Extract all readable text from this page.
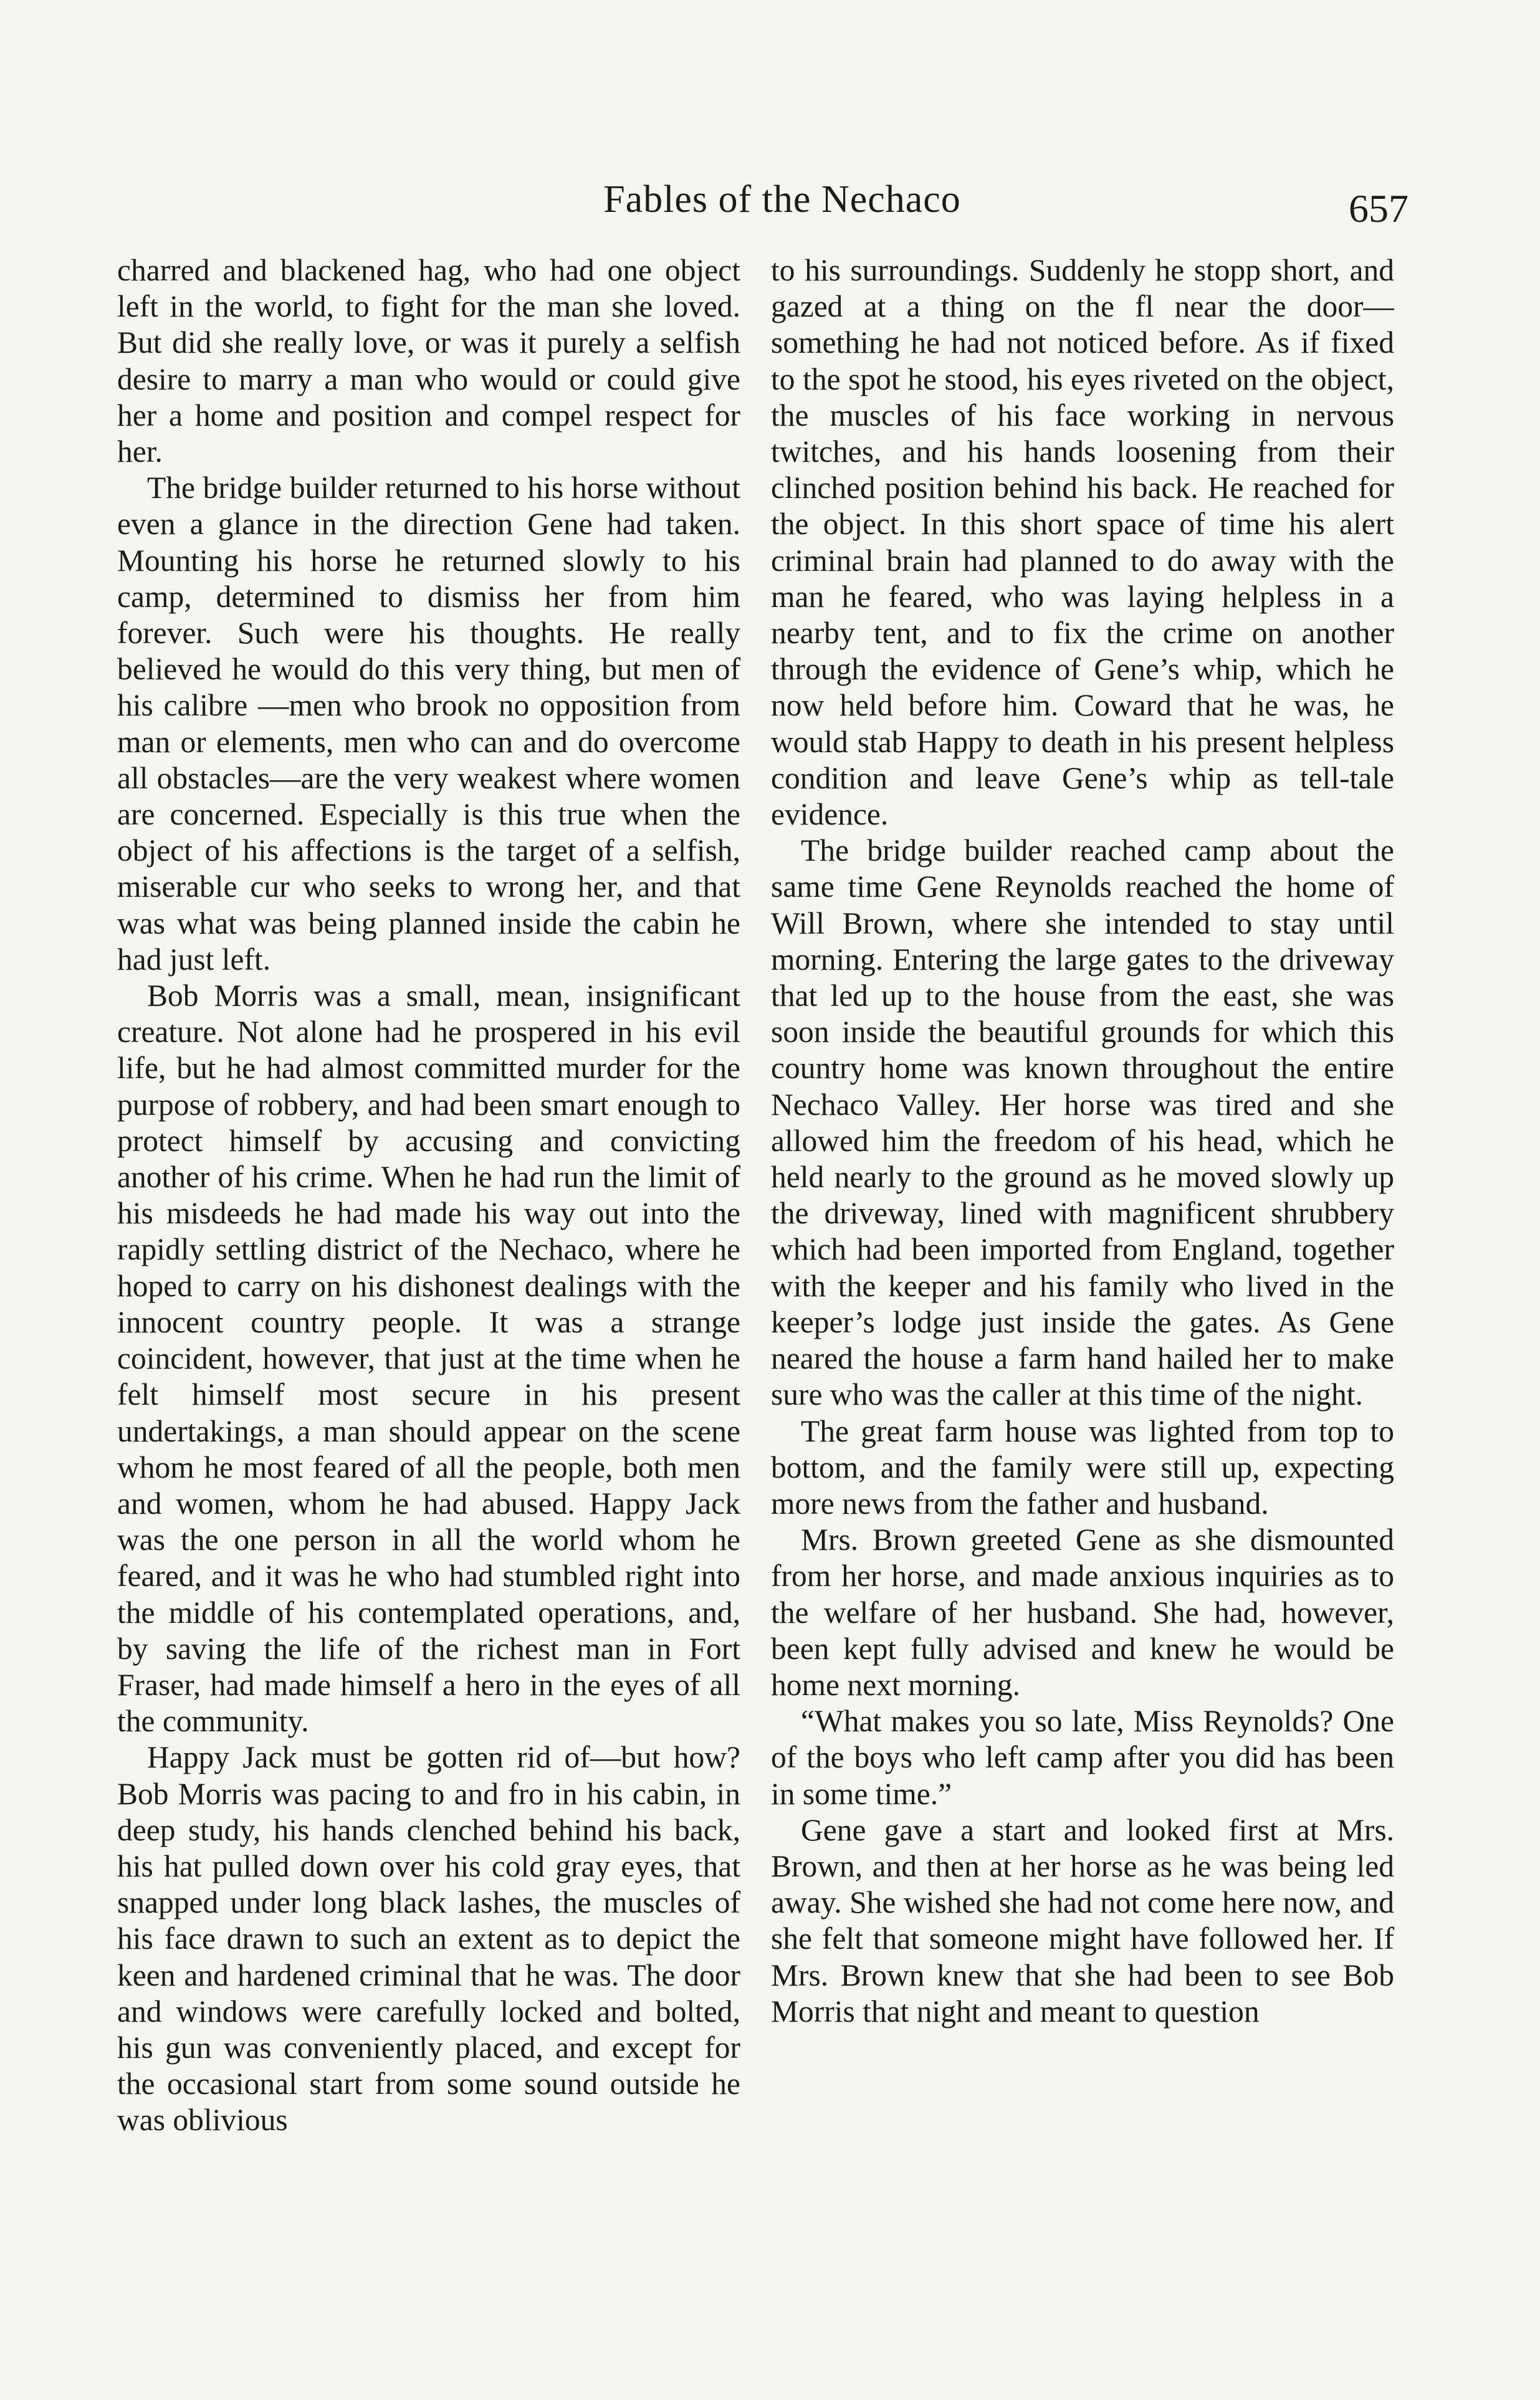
Fables of the Nechaco	657

charred and blackened hag, who had one object left in the world, to fight for the man she loved. But did she really love, or was it purely a selfish desire to marry a man who would or could give her a home and position and compel respect for her.

The bridge builder returned to his horse without even a glance in the direction Gene had taken. Mounting his horse he returned slowly to his camp, determined to dismiss her from him forever. Such were his thoughts. He really believed he would do this very thing, but men of his calibre —men who brook no opposition from man or elements, men who can and do overcome all obstacles—are the very weakest where women are concerned. Especially is this true when the object of his affections is the target of a selfish, miserable cur who seeks to wrong her, and that was what was being planned inside the cabin he had just left.

Bob Morris was a small, mean, insignificant creature. Not alone had he prospered in his evil life, but he had almost committed murder for the purpose of robbery, and had been smart enough to protect himself by accusing and convicting another of his crime. When he had run the limit of his misdeeds he had made his way out into the rapidly settling district of the Nechaco, where he hoped to carry on his dishonest dealings with the innocent country people. It was a strange coincident, however, that just at the time when he felt himself most secure in his present undertakings, a man should appear on the scene whom he most feared of all the people, both men and women, whom he had abused. Happy Jack was the one person in all the world whom he feared, and it was he who had stumbled right into the middle of his contemplated operations, and, by saving the life of the richest man in Fort Fraser, had made himself a hero in the eyes of all the community.

Happy Jack must be gotten rid of—but how? Bob Morris was pacing to and fro in his cabin, in deep study, his hands clenched behind his back, his hat pulled down over his cold gray eyes, that snapped under long black lashes, the muscles of his face drawn to such an extent as to depict the keen and hardened criminal that he was. The door and windows were carefully locked and bolted, his gun was conveniently placed, and except for the occasional start from some sound outside he was oblivious

to his surroundings. Suddenly he stopp short, and gazed at a thing on the fl near the door—something he had not noticed before. As if fixed to the spot he stood, his eyes riveted on the object, the muscles of his face working in nervous twitches, and his hands loosening from their clinched position behind his back. He reached for the object. In this short space of time his alert criminal brain had planned to do away with the man he feared, who was laying helpless in a nearby tent, and to fix the crime on another through the evidence of Gene’s whip, which he now held before him. Coward that he was, he would stab Happy to death in his present helpless condition and leave Gene’s whip as tell-tale evidence.

The bridge builder reached camp about the same time Gene Reynolds reached the home of Will Brown, where she intended to stay until morning. Entering the large gates to the driveway that led up to the house from the east, she was soon inside the beautiful grounds for which this country home was known throughout the entire Nechaco Valley. Her horse was tired and she allowed him the freedom of his head, which he held nearly to the ground as he moved slowly up the driveway, lined with magnificent shrubbery which had been imported from England, together with the keeper and his family who lived in the keeper’s lodge just inside the gates. As Gene neared the house a farm hand hailed her to make sure who was the caller at this time of the night.

The great farm house was lighted from top to bottom, and the family were still up, expecting more news from the father and husband.

Mrs. Brown greeted Gene as she dismounted from her horse, and made anxious inquiries as to the welfare of her husband. She had, however, been kept fully advised and knew he would be home next morning.

“What makes you so late, Miss Reynolds? One of the boys who left camp after you did has been in some time.”

Gene gave a start and looked first at Mrs. Brown, and then at her horse as he was being led away. She wished she had not come here now, and she felt that someone might have followed her. If Mrs. Brown knew that she had been to see Bob Morris that night and meant to question
